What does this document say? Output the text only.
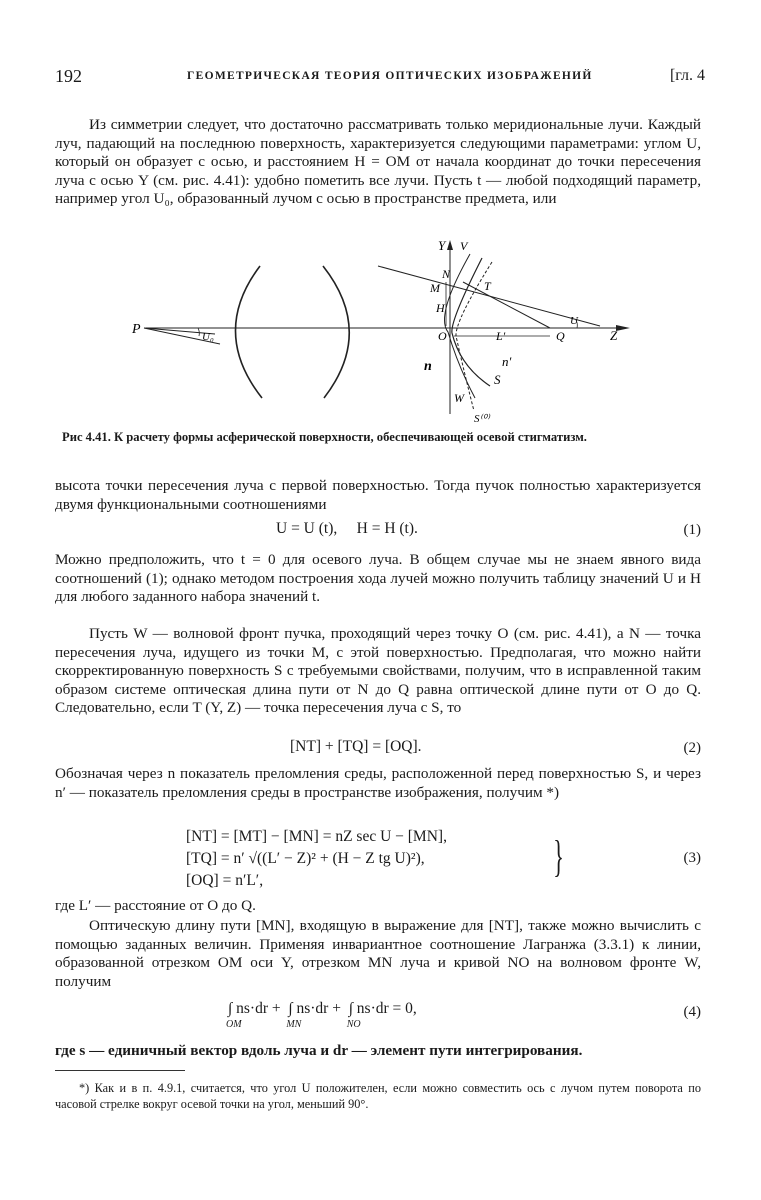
192	ГЕОМЕТРИЧЕСКАЯ ТЕОРИЯ ОПТИЧЕСКИХ ИЗОБРАЖЕНИЙ	[гл. 4

Из симметрии следует, что достаточно рассматривать только меридиональные лучи. Каждый луч, падающий на последнюю поверхность, характеризуется следующими параметрами: углом U, который он образует с осью, и расстоянием H = OM от начала координат до точки пересечения луча с осью Y (см. рис. 4.41): удобно пометить все лучи. Пусть t — любой подходящий параметр, например угол U₀, образованный лучом с осью в пространстве предмета, или

P	U₀
Y V
N
M	T
H
O	L′	Q	Z
U
n	n′
S
W
S⁽⁰⁾
Рис 4.41. К расчету формы асферической поверхности, обеспечивающей осевой стигматизм.

высота точки пересечения луча с первой поверхностью. Тогда пучок полностью характеризуется двумя функциональными соотношениями

U = U (t), H = H (t).	(1)

Можно предположить, что t = 0 для осевого луча. В общем случае мы не знаем явного вида соотношений (1); однако методом построения хода лучей можно получить таблицу значений U и H для любого заданного набора значений t.

Пусть W — волновой фронт пучка, проходящий через точку O (см. рис. 4.41), а N — точка пересечения луча, идущего из точки M, с этой поверхностью. Предполагая, что можно найти скорректированную поверхность S с требуемыми свойствами, получим, что в исправленной таким образом системе оптическая длина пути от N до Q равна оптической длине пути от O до Q. Следовательно, если T (Y, Z) — точка пересечения луча с S, то

[NT] + [TQ] = [OQ].	(2)

Обозначая через n показатель преломления среды, расположенной перед поверхностью S, и через n′ — показатель преломления среды в пространстве изображения, получим *)

[NT] = [MT] − [MN] = nZ sec U − [MN],
[TQ] = n′ √((L′ − Z)² + (H − Z tg U)²),
[OQ] = n′L′,	}	(3)

где L′ — расстояние от O до Q.

Оптическую длину пути [MN], входящую в выражение для [NT], также можно вычислить с помощью заданных величин. Применяя инвариантное соотношение Лагранжа (3.3.1) к линии, образованной отрезком OM оси Y, отрезком MN луча и кривой NO на волновом фронте W, получим

∫ ns·dr +
OM
∫ ns·dr +
MN
∫ ns·dr = 0,
NO
(4)

где s — единичный вектор вдоль луча и dr — элемент пути интегрирования.

*) Как и в п. 4.9.1, считается, что угол U положителен, если можно совместить ось с лучом путем поворота по часовой стрелке вокруг осевой точки на угол, меньший 90°.
